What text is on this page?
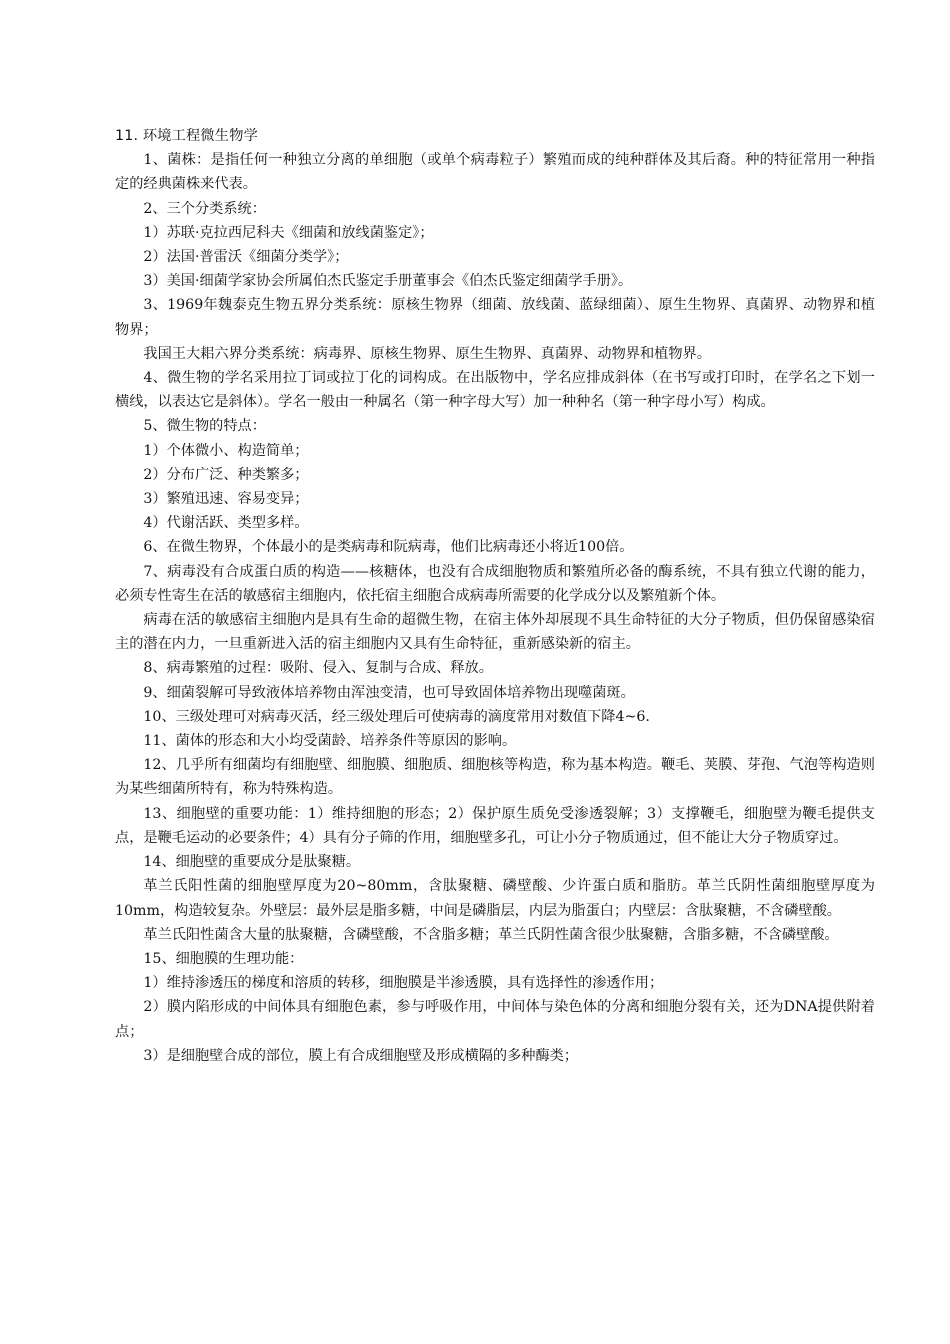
11. 环境工程微生物学

1、菌株：是指任何一种独立分离的单细胞（或单个病毒粒子）繁殖而成的纯种群体及其后裔。种的特征常用一种指定的经典菌株来代表。

2、三个分类系统：

1）苏联·克拉西尼科夫《细菌和放线菌鉴定》；

2）法国·普雷沃《细菌分类学》；

3）美国·细菌学家协会所属伯杰氏鉴定手册董事会《伯杰氏鉴定细菌学手册》。

3、1969年魏泰克生物五界分类系统：原核生物界（细菌、放线菌、蓝绿细菌）、原生生物界、真菌界、动物界和植物界；

我国王大耜六界分类系统：病毒界、原核生物界、原生生物界、真菌界、动物界和植物界。

4、微生物的学名采用拉丁词或拉丁化的词构成。在出版物中，学名应排成斜体（在书写或打印时，在学名之下划一横线，以表达它是斜体）。学名一般由一种属名（第一种字母大写）加一种种名（第一种字母小写）构成。

5、微生物的特点：

1）个体微小、构造简单；

2）分布广泛、种类繁多；

3）繁殖迅速、容易变异；

4）代谢活跃、类型多样。

6、在微生物界，个体最小的是类病毒和阮病毒，他们比病毒还小将近100倍。

7、病毒没有合成蛋白质的构造——核糖体，也没有合成细胞物质和繁殖所必备的酶系统，不具有独立代谢的能力，必须专性寄生在活的敏感宿主细胞内，依托宿主细胞合成病毒所需要的化学成分以及繁殖新个体。

病毒在活的敏感宿主细胞内是具有生命的超微生物，在宿主体外却展现不具生命特征的大分子物质，但仍保留感染宿主的潜在内力，一旦重新进入活的宿主细胞内又具有生命特征，重新感染新的宿主。

8、病毒繁殖的过程：吸附、侵入、复制与合成、释放。

9、细菌裂解可导致液体培养物由浑浊变清，也可导致固体培养物出现噬菌斑。

10、三级处理可对病毒灭活，经三级处理后可使病毒的滴度常用对数值下降4~6.

11、菌体的形态和大小均受菌龄、培养条件等原因的影响。

12、几乎所有细菌均有细胞壁、细胞膜、细胞质、细胞核等构造，称为基本构造。鞭毛、荚膜、芽孢、气泡等构造则为某些细菌所特有，称为特殊构造。

13、细胞壁的重要功能：1）维持细胞的形态；2）保护原生质免受渗透裂解；3）支撑鞭毛，细胞壁为鞭毛提供支点，是鞭毛运动的必要条件；4）具有分子筛的作用，细胞壁多孔，可让小分子物质通过，但不能让大分子物质穿过。

14、细胞壁的重要成分是肽聚糖。

革兰氏阳性菌的细胞壁厚度为20~80mm，含肽聚糖、磷壁酸、少许蛋白质和脂肪。革兰氏阴性菌细胞壁厚度为10mm，构造较复杂。外壁层：最外层是脂多糖，中间是磷脂层，内层为脂蛋白；内壁层：含肽聚糖，不含磷壁酸。

革兰氏阳性菌含大量的肽聚糖，含磷壁酸，不含脂多糖；革兰氏阴性菌含很少肽聚糖，含脂多糖，不含磷壁酸。

15、细胞膜的生理功能：

1）维持渗透压的梯度和溶质的转移，细胞膜是半渗透膜，具有选择性的渗透作用；

2）膜内陷形成的中间体具有细胞色素，参与呼吸作用，中间体与染色体的分离和细胞分裂有关，还为DNA提供附着点；

3）是细胞壁合成的部位，膜上有合成细胞壁及形成横隔的多种酶类；
